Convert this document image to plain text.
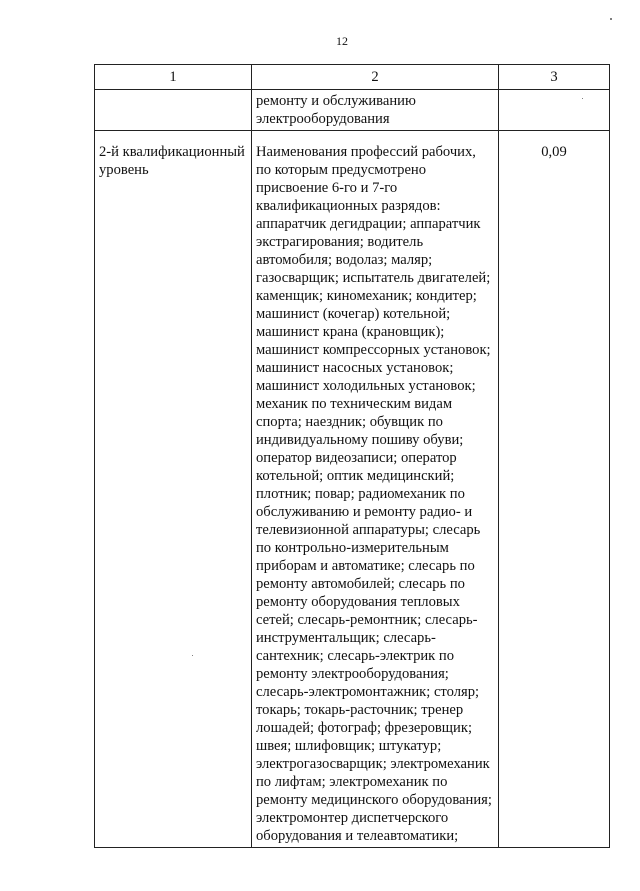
12
1	2	3
	ремонту и обслуживанию электрооборудования	
2-й квалификационный уровень	Наименования профессий рабочих, по которым предусмотрено присвоение 6-го и 7-го квалификационных разрядов: аппаратчик дегидрации; аппаратчик экстрагирования; водитель автомобиля; водолаз; маляр; газосварщик; испытатель двигателей; каменщик; киномеханик; кондитер; машинист (кочегар) котельной; машинист крана (крановщик); машинист компрессорных установок; машинист насосных установок; машинист холодильных установок; механик по техническим видам спорта; наездник; обувщик по индивидуальному пошиву обуви; оператор видеозаписи; оператор котельной; оптик медицинский; плотник; повар; радиомеханик по обслуживанию и ремонту радио- и телевизионной аппаратуры; слесарь по контрольно-измерительным приборам и автоматике; слесарь по ремонту автомобилей; слесарь по ремонту оборудования тепловых сетей; слесарь-ремонтник; слесарь-инструментальщик; слесарь-сантехник; слесарь-электрик по ремонту электрооборудования; слесарь-электромонтажник; столяр; токарь; токарь-расточник; тренер лошадей; фотограф; фрезеровщик; швея; шлифовщик; штукатур; электрогазосварщик; электромеханик по лифтам; электромеханик по ремонту медицинского оборудования; электромонтер диспетчерского оборудования и телеавтоматики;	0,09
